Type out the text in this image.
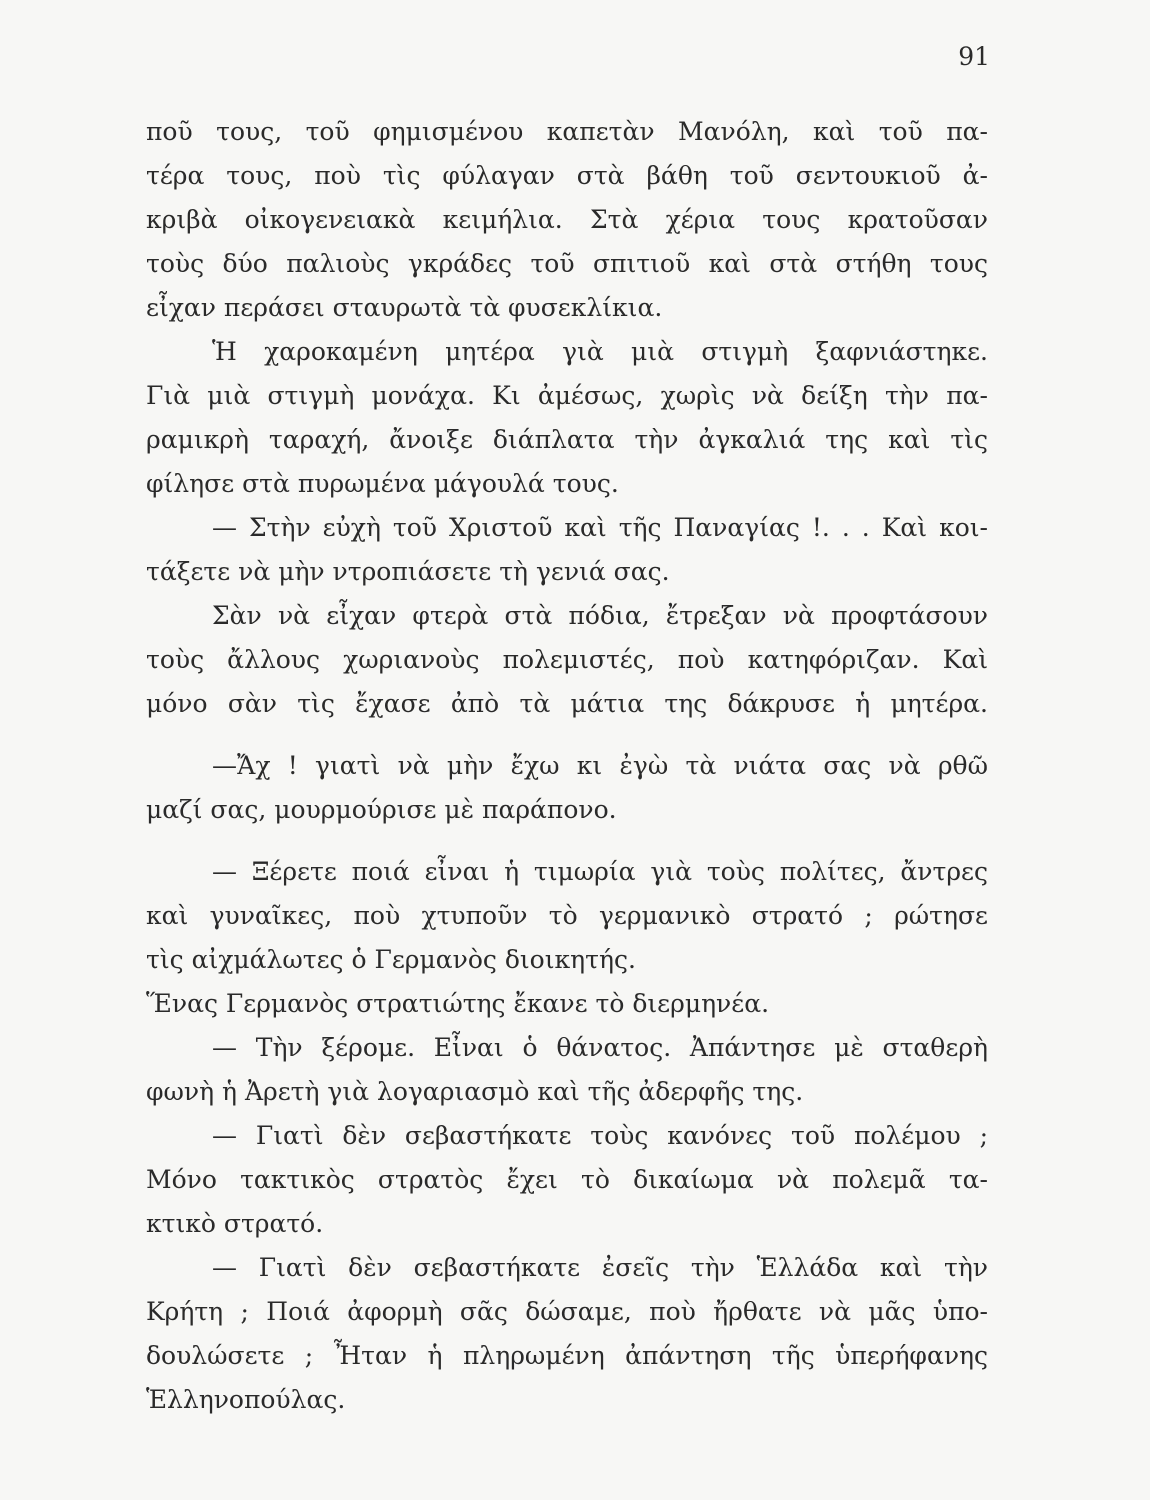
91
ποῦ τους, τοῦ φημισμένου καπετὰν Μανόλη, καὶ τοῦ πα-
τέρα τους, ποὺ τὶς φύλαγαν στὰ βάθη τοῦ σεντουκιοῦ ἀ-
κριβὰ οἰκογενειακὰ κειμήλια. Στὰ χέρια τους κρατοῦσαν
τοὺς δύο παλιοὺς γκράδες τοῦ σπιτιοῦ καὶ στὰ στήθη τους
εἶχαν περάσει σταυρωτὰ τὰ φυσεκλίκια.
Ἡ χαροκαμένη μητέρα γιὰ μιὰ στιγμὴ ξαφνιάστηκε.
Γιὰ μιὰ στιγμὴ μονάχα. Κι ἀμέσως, χωρὶς νὰ δείξη τὴν πα-
ραμικρὴ ταραχή, ἄνοιξε διάπλατα τὴν ἀγκαλιά της καὶ τὶς
φίλησε στὰ πυρωμένα μάγουλά τους.
— Στὴν εὐχὴ τοῦ Χριστοῦ καὶ τῆς Παναγίας !. . . Καὶ κοι-
τάξετε νὰ μὴν ντροπιάσετε τὴ γενιά σας.
Σὰν νὰ εἶχαν φτερὰ στὰ πόδια, ἔτρεξαν νὰ προφτάσουν
τοὺς ἄλλους χωριανοὺς πολεμιστές, ποὺ κατηφόριζαν. Καὶ
μόνο σὰν τὶς ἔχασε ἀπὸ τὰ μάτια της δάκρυσε ἡ μητέρα.
—Ἄχ ! γιατὶ νὰ μὴν ἔχω κι ἐγὼ τὰ νιάτα σας νὰ ρθῶ
μαζί σας, μουρμούρισε μὲ παράπονο.
— Ξέρετε ποιά εἶναι ἡ τιμωρία γιὰ τοὺς πολίτες, ἄντρες
καὶ γυναῖκες, ποὺ χτυποῦν τὸ γερμανικὸ στρατό ; ρώτησε
τὶς αἰχμάλωτες ὁ Γερμανὸς διοικητής.
Ἕνας Γερμανὸς στρατιώτης ἔκανε τὸ διερμηνέα.
— Τὴν ξέρομε. Εἶναι ὁ θάνατος. Ἀπάντησε μὲ σταθερὴ
φωνὴ ἡ Ἀρετὴ γιὰ λογαριασμὸ καὶ τῆς ἀδερφῆς της.
— Γιατὶ δὲν σεβαστήκατε τοὺς κανόνες τοῦ πολέμου ;
Μόνο τακτικὸς στρατὸς ἔχει τὸ δικαίωμα νὰ πολεμᾶ τα-
κτικὸ στρατό.
— Γιατὶ δὲν σεβαστήκατε ἐσεῖς τὴν Ἑλλάδα καὶ τὴν
Κρήτη ; Ποιά ἀφορμὴ σᾶς δώσαμε, ποὺ ἤρθατε νὰ μᾶς ὑπο-
δουλώσετε ; Ἦταν ἡ πληρωμένη ἀπάντηση τῆς ὑπερήφανης
Ἑλληνοπούλας.
